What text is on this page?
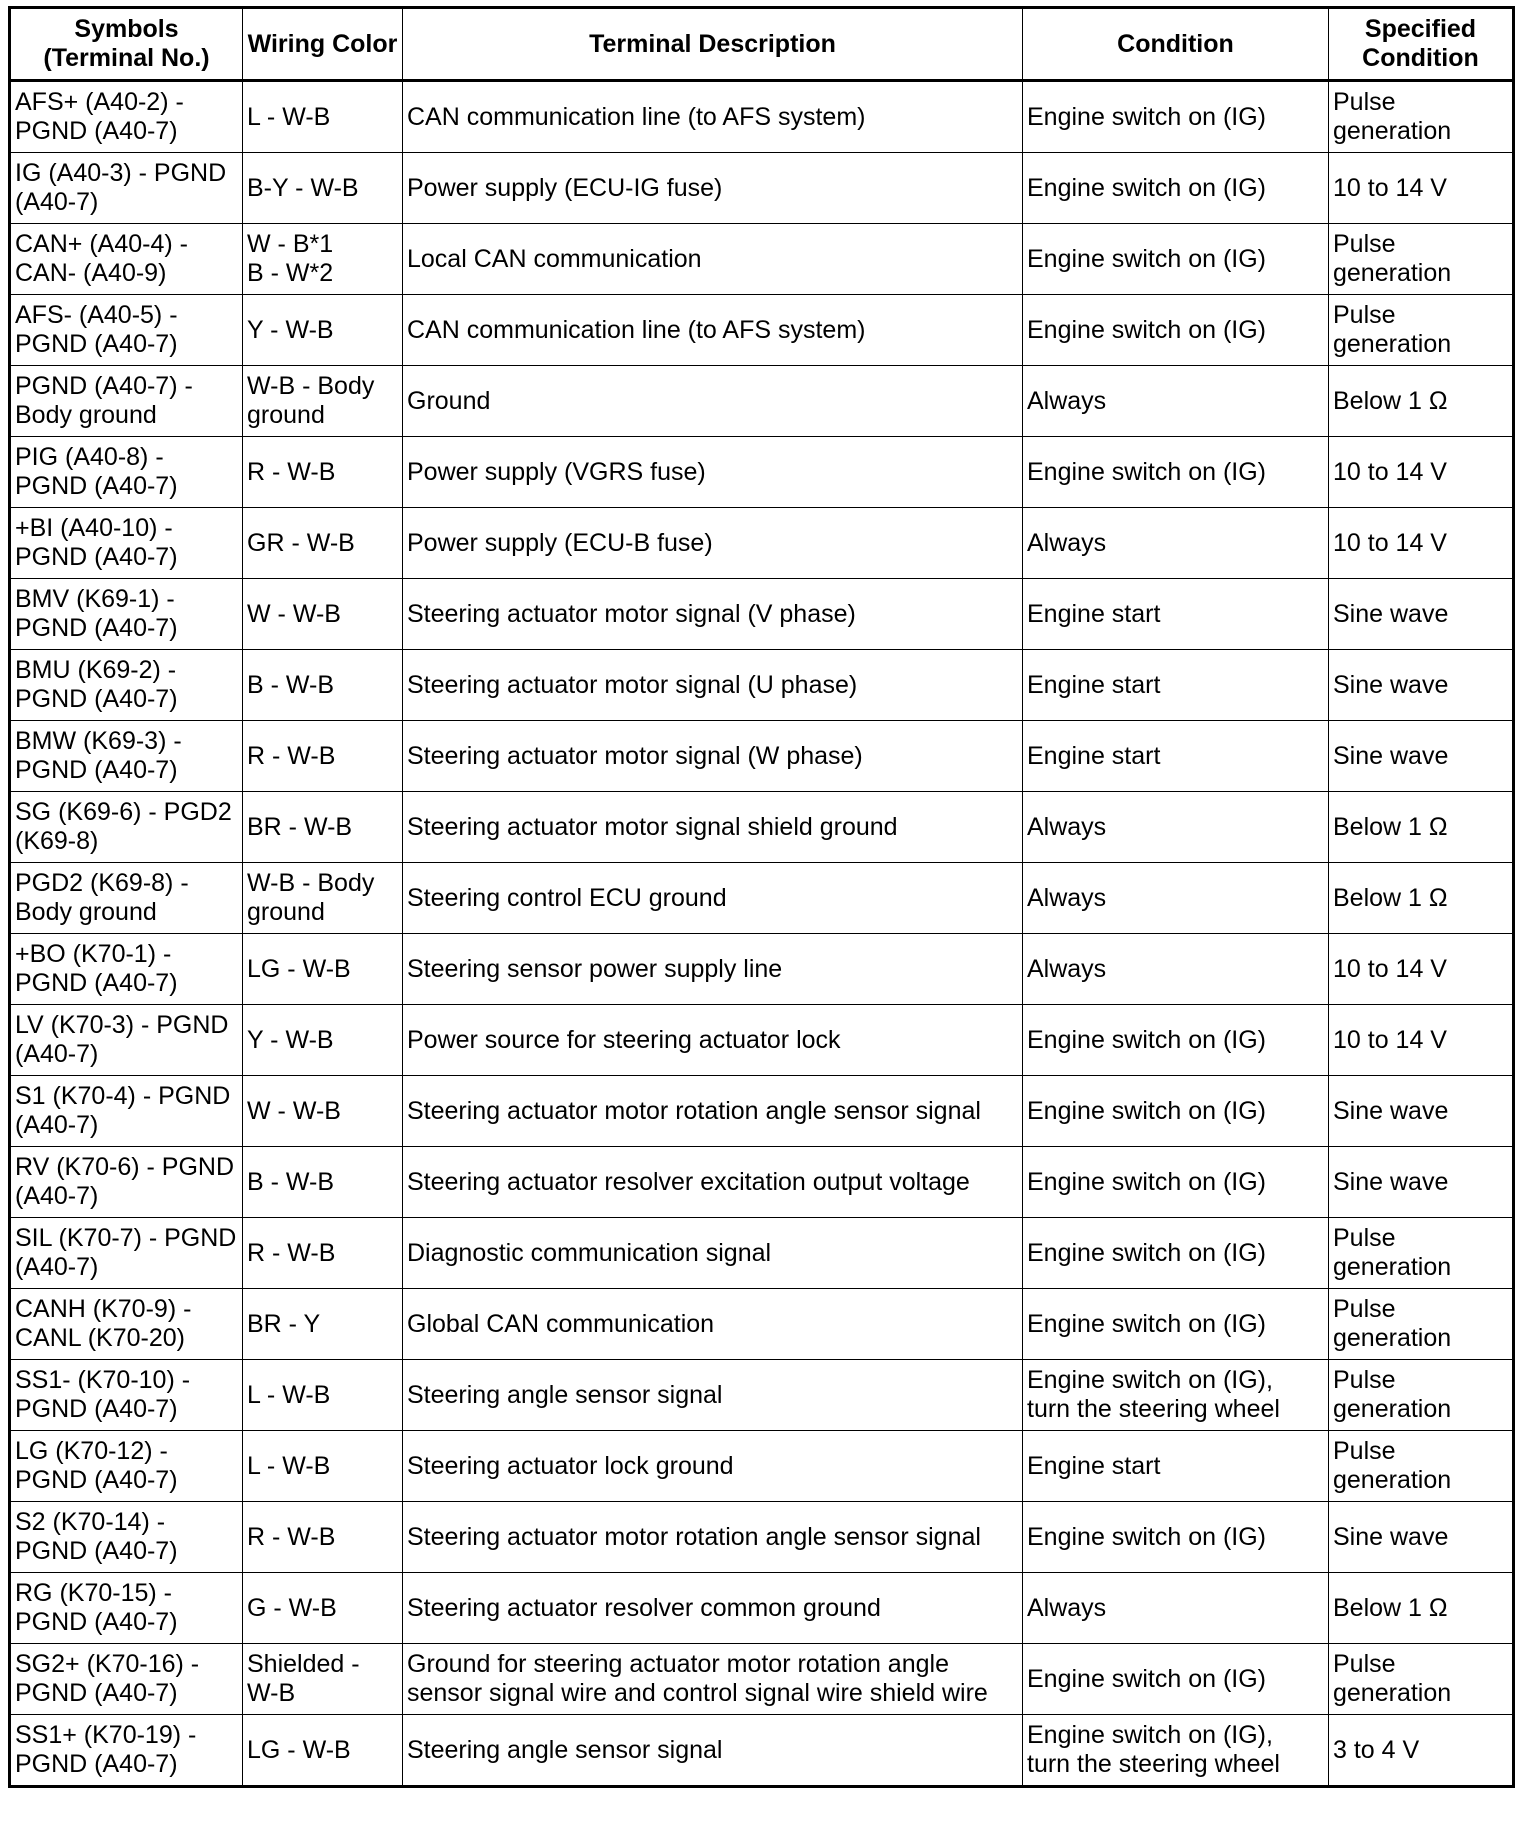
Symbols
(Terminal No.)	Wiring Color	Terminal Description	Condition	Specified
Condition
AFS+ (A40-2) -
PGND (A40-7)	L - W-B	CAN communication line (to AFS system)	Engine switch on (IG)	Pulse
generation
IG (A40-3) - PGND
(A40-7)	B-Y - W-B	Power supply (ECU-IG fuse)	Engine switch on (IG)	10 to 14 V
CAN+ (A40-4) -
CAN- (A40-9)	W - B*1
B - W*2	Local CAN communication	Engine switch on (IG)	Pulse
generation
AFS- (A40-5) -
PGND (A40-7)	Y - W-B	CAN communication line (to AFS system)	Engine switch on (IG)	Pulse
generation
PGND (A40-7) -
Body ground	W-B - Body
ground	Ground	Always	Below 1 Ω
PIG (A40-8) -
PGND (A40-7)	R - W-B	Power supply (VGRS fuse)	Engine switch on (IG)	10 to 14 V
+BI (A40-10) -
PGND (A40-7)	GR - W-B	Power supply (ECU-B fuse)	Always	10 to 14 V
BMV (K69-1) -
PGND (A40-7)	W - W-B	Steering actuator motor signal (V phase)	Engine start	Sine wave
BMU (K69-2) -
PGND (A40-7)	B - W-B	Steering actuator motor signal (U phase)	Engine start	Sine wave
BMW (K69-3) -
PGND (A40-7)	R - W-B	Steering actuator motor signal (W phase)	Engine start	Sine wave
SG (K69-6) - PGD2
(K69-8)	BR - W-B	Steering actuator motor signal shield ground	Always	Below 1 Ω
PGD2 (K69-8) -
Body ground	W-B - Body
ground	Steering control ECU ground	Always	Below 1 Ω
+BO (K70-1) -
PGND (A40-7)	LG - W-B	Steering sensor power supply line	Always	10 to 14 V
LV (K70-3) - PGND
(A40-7)	Y - W-B	Power source for steering actuator lock	Engine switch on (IG)	10 to 14 V
S1 (K70-4) - PGND
(A40-7)	W - W-B	Steering actuator motor rotation angle sensor signal	Engine switch on (IG)	Sine wave
RV (K70-6) - PGND
(A40-7)	B - W-B	Steering actuator resolver excitation output voltage	Engine switch on (IG)	Sine wave
SIL (K70-7) - PGND
(A40-7)	R - W-B	Diagnostic communication signal	Engine switch on (IG)	Pulse
generation
CANH (K70-9) -
CANL (K70-20)	BR - Y	Global CAN communication	Engine switch on (IG)	Pulse
generation
SS1- (K70-10) -
PGND (A40-7)	L - W-B	Steering angle sensor signal	Engine switch on (IG),
turn the steering wheel	Pulse
generation
LG (K70-12) -
PGND (A40-7)	L - W-B	Steering actuator lock ground	Engine start	Pulse
generation
S2 (K70-14) -
PGND (A40-7)	R - W-B	Steering actuator motor rotation angle sensor signal	Engine switch on (IG)	Sine wave
RG (K70-15) -
PGND (A40-7)	G - W-B	Steering actuator resolver common ground	Always	Below 1 Ω
SG2+ (K70-16) -
PGND (A40-7)	Shielded -
W-B	Ground for steering actuator motor rotation angle
sensor signal wire and control signal wire shield wire	Engine switch on (IG)	Pulse
generation
SS1+ (K70-19) -
PGND (A40-7)	LG - W-B	Steering angle sensor signal	Engine switch on (IG),
turn the steering wheel	3 to 4 V
